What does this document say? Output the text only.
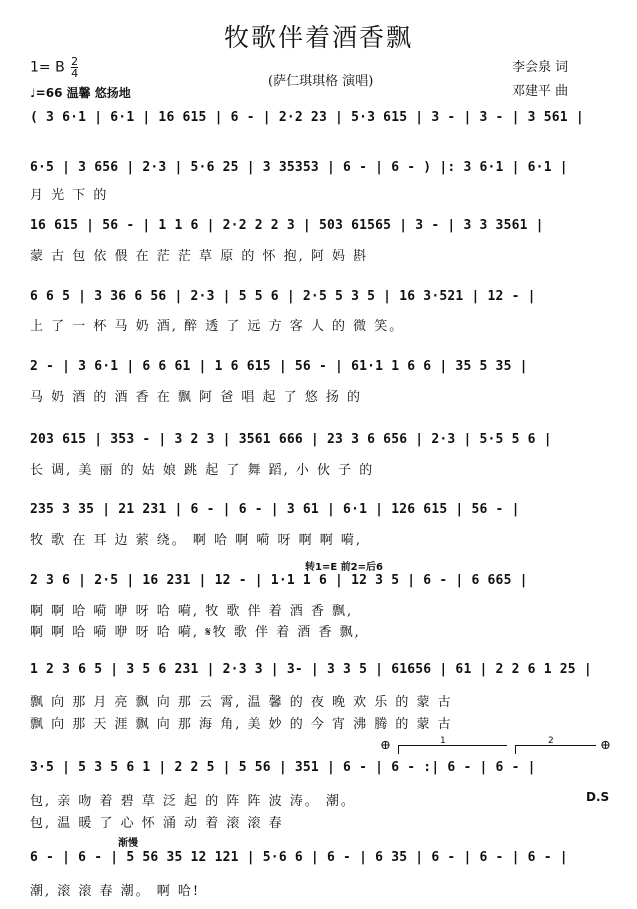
牧歌伴着酒香飘
1= B $\frac{2}{4}$
♩=66 温馨 悠扬地
(萨仁琪琪格 演唱)
李会泉 词
邓建平 曲
( 3 6·1 | 6·1 | 16 615 | 6 - | 2·2 23 | 5·3 615 | 3 - | 3 - | 3 561 |
6·5 | 3 656 | 2·3 | 5·6 25 | 3 35353 | 6 - | 6 - ) |: 3 6·1 | 6·1 |
月 光 下 的
16 615 | 56 - | 1 1 6 | 2·2 2 2 3 | 503 61565 | 3 - | 3 3 3561 |
蒙 古 包 依 偎 在 茫 茫 草 原 的 怀 抱, 阿 妈 斟
6 6 5 | 3 36 6 56 | 2·3 | 5 5 6 | 2·5 5 3 5 | 16 3·521 | 12 - |
上 了 一 杯 马 奶 酒, 醉 透 了 远 方 客 人 的 微 笑。
2 - | 3 6·1 | 6 6 61 | 1 6 615 | 56 - | 61·1 1 6 6 | 35 5 35 |
马 奶 酒 的 酒 香 在 飘 阿 爸 唱 起 了 悠 扬 的
203 615 | 353 - | 3 2 3 | 3561 666 | 23 3 6 656 | 2·3 | 5·5 5 6 |
长 调, 美 丽 的 姑 娘 跳 起 了 舞 蹈, 小 伙 子 的
235 3 35 | 21 231 | 6 - | 6 - | 3 61 | 6·1 | 126 615 | 56 - |
牧 歌 在 耳 边 萦 绕。 啊 哈 啊 嗬 呀 啊 啊 嗬,
转1=E 前2=后6
2 3 6 | 2·5 | 16 231 | 12 - | 1·1 1 6 | 12 3 5 | 6 - | 6 665 |
啊 啊 哈 嗬 咿 呀 哈 嗬, 牧 歌 伴 着 酒 香 飘,
啊 啊 哈 嗬 咿 呀 哈 嗬, 𝄋牧 歌 伴 着 酒 香 飘,
1 2 3 6 5 | 3 5 6 231 | 2·3 3 | 3- | 3 3 5 | 61656 | 61 | 2 2 6 1 25 |
飘 向 那 月 亮 飘 向 那 云 霄, 温 馨 的 夜 晚 欢 乐 的 蒙 古
飘 向 那 天 涯 飘 向 那 海 角, 美 妙 的 今 宵 沸 腾 的 蒙 古
⊕	1	2	⊕
3·5 | 5 3 5 6 1 | 2 2 5 | 5 56 | 351 | 6 - | 6 - :| 6 - | 6 - |
包, 亲 吻 着 碧 草 泛 起 的 阵 阵 波 涛。 潮。
包, 温 暖 了 心 怀 涌 动 着 滚 滚 春
D.S
渐慢
6 - | 6 - | 5 56 35 12 121 | 5·6 6 | 6 - | 6 35 | 6 - | 6 - | 6 - |
潮, 滚 滚 春 潮。 啊 哈!
